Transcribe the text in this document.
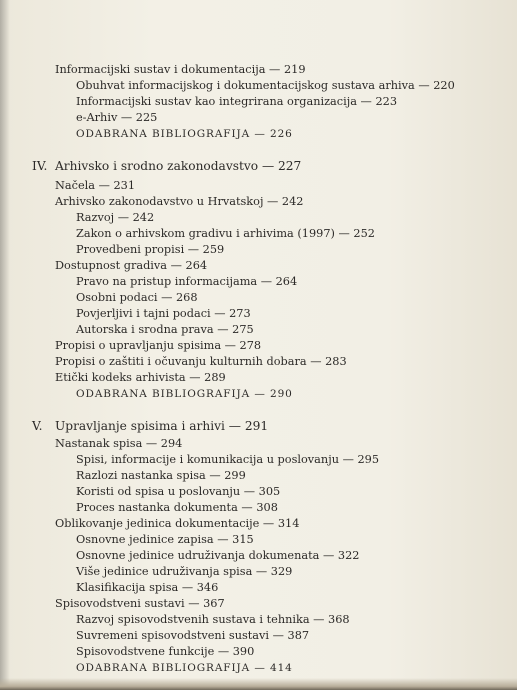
Informacijski sustav i dokumentacija — 219
Obuhvat informacijskog i dokumentacijskog sustava arhiva — 220
Informacijski sustav kao integrirana organizacija — 223
e-Arhiv — 225
ODABRANA BIBLIOGRAFIJA — 226
IV. Arhivsko i srodno zakonodavstvo — 227
Načela — 231
Arhivsko zakonodavstvo u Hrvatskoj — 242
Razvoj — 242
Zakon o arhivskom gradivu i arhivima (1997) — 252
Provedbeni propisi — 259
Dostupnost gradiva — 264
Pravo na pristup informacijama — 264
Osobni podaci — 268
Povjerljivi i tajni podaci — 273
Autorska i srodna prava — 275
Propisi o upravljanju spisima — 278
Propisi o zaštiti i očuvanju kulturnih dobara — 283
Etički kodeks arhivista — 289
ODABRANA BIBLIOGRAFIJA — 290
V. Upravljanje spisima i arhivi — 291
Nastanak spisa — 294
Spisi, informacije i komunikacija u poslovanju — 295
Razlozi nastanka spisa — 299
Koristi od spisa u poslovanju — 305
Proces nastanka dokumenta — 308
Oblikovanje jedinica dokumentacije — 314
Osnovne jedinice zapisa — 315
Osnovne jedinice udruživanja dokumenata — 322
Više jedinice udruživanja spisa — 329
Klasifikacija spisa — 346
Spisovodstveni sustavi — 367
Razvoj spisovodstvenih sustava i tehnika — 368
Suvremeni spisovodstveni sustavi — 387
Spisovodstvene funkcije — 390
ODABRANA BIBLIOGRAFIJA — 414
